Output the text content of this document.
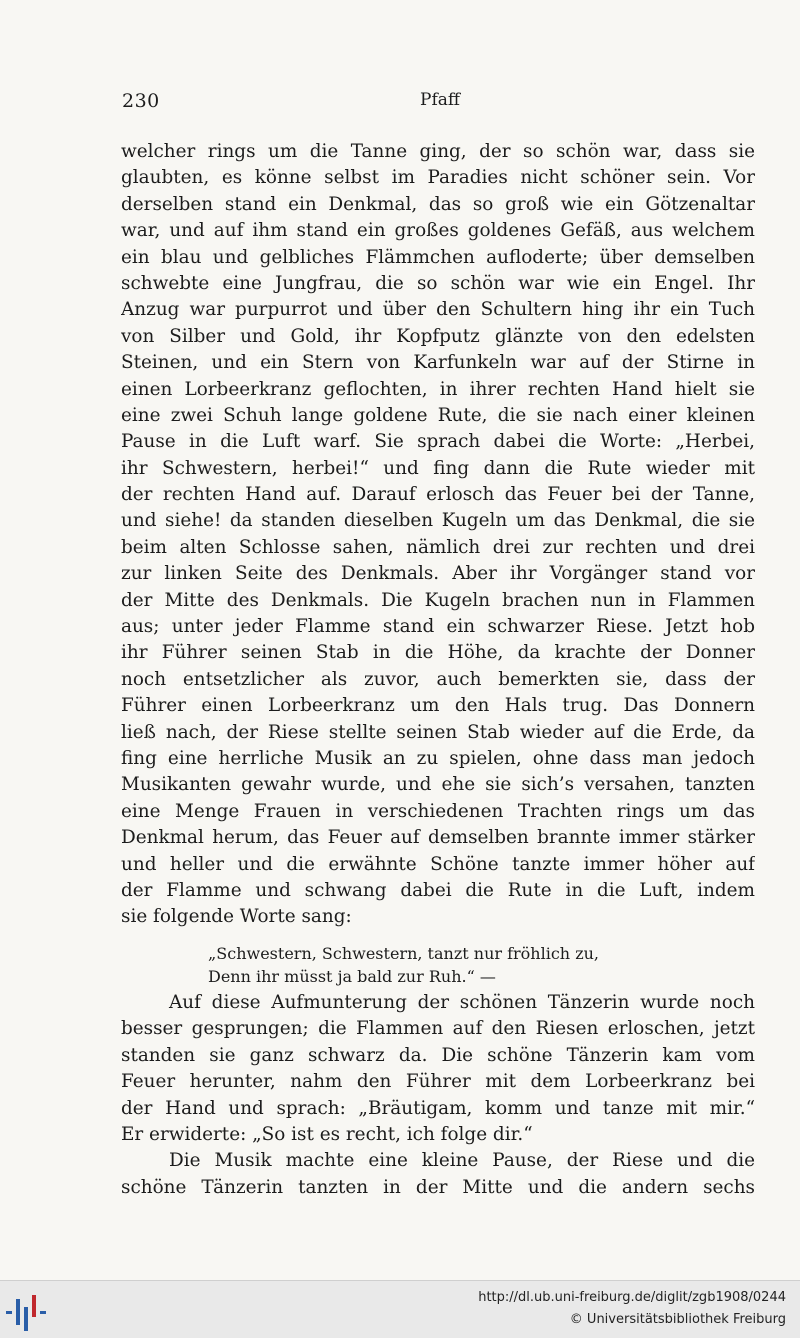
230	Pfaff
welcher rings um die Tanne ging, der so schön war, dass sie
glaubten, es könne selbst im Paradies nicht schöner sein. Vor
derselben stand ein Denkmal, das so groß wie ein Götzenaltar
war, und auf ihm stand ein großes goldenes Gefäß, aus welchem
ein blau und gelbliches Flämmchen aufloderte; über demselben
schwebte eine Jungfrau, die so schön war wie ein Engel. Ihr
Anzug war purpurrot und über den Schultern hing ihr ein Tuch
von Silber und Gold, ihr Kopfputz glänzte von den edelsten
Steinen, und ein Stern von Karfunkeln war auf der Stirne in
einen Lorbeerkranz geflochten, in ihrer rechten Hand hielt sie
eine zwei Schuh lange goldene Rute, die sie nach einer kleinen
Pause in die Luft warf. Sie sprach dabei die Worte: „Herbei,
ihr Schwestern, herbei!“ und fing dann die Rute wieder mit
der rechten Hand auf. Darauf erlosch das Feuer bei der Tanne,
und siehe! da standen dieselben Kugeln um das Denkmal, die sie
beim alten Schlosse sahen, nämlich drei zur rechten und drei
zur linken Seite des Denkmals. Aber ihr Vorgänger stand vor
der Mitte des Denkmals. Die Kugeln brachen nun in Flammen
aus; unter jeder Flamme stand ein schwarzer Riese. Jetzt hob
ihr Führer seinen Stab in die Höhe, da krachte der Donner
noch entsetzlicher als zuvor, auch bemerkten sie, dass der
Führer einen Lorbeerkranz um den Hals trug. Das Donnern
ließ nach, der Riese stellte seinen Stab wieder auf die Erde, da
fing eine herrliche Musik an zu spielen, ohne dass man jedoch
Musikanten gewahr wurde, und ehe sie sich’s versahen, tanzten
eine Menge Frauen in verschiedenen Trachten rings um das
Denkmal herum, das Feuer auf demselben brannte immer stärker
und heller und die erwähnte Schöne tanzte immer höher auf
der Flamme und schwang dabei die Rute in die Luft, indem
sie folgende Worte sang:
„Schwestern, Schwestern, tanzt nur fröhlich zu,
Denn ihr müsst ja bald zur Ruh.“ —
Auf diese Aufmunterung der schönen Tänzerin wurde noch
besser gesprungen; die Flammen auf den Riesen erloschen, jetzt
standen sie ganz schwarz da. Die schöne Tänzerin kam vom
Feuer herunter, nahm den Führer mit dem Lorbeerkranz bei
der Hand und sprach: „Bräutigam, komm und tanze mit mir.“
Er erwiderte: „So ist es recht, ich folge dir.“
Die Musik machte eine kleine Pause, der Riese und die
schöne Tänzerin tanzten in der Mitte und die andern sechs
http://dl.ub.uni-freiburg.de/diglit/zgb1908/0244
© Universitätsbibliothek Freiburg
